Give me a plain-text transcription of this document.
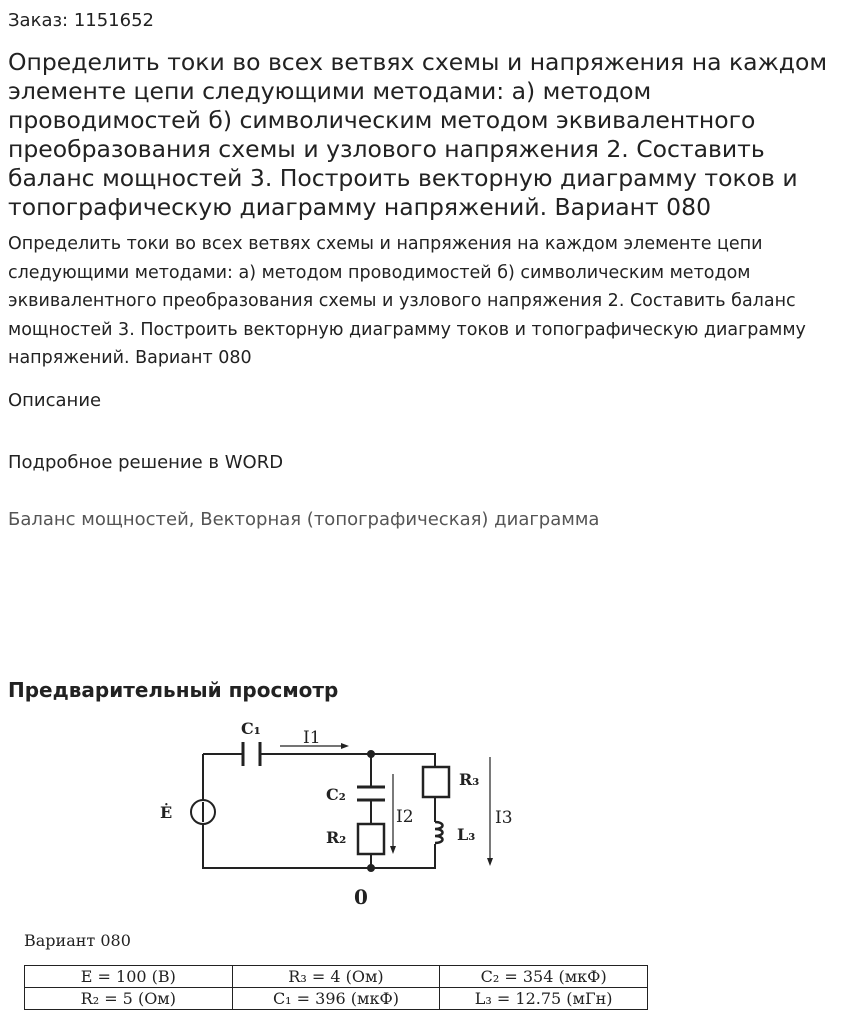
Заказ: 1151652
Определить токи во всех ветвях схемы и напряжения на каждом элементе цепи следующими методами: а) методом проводимостей б) символическим методом эквивалентного преобразования схемы и узлового напряжения 2. Составить баланс мощностей 3. Построить векторную диаграмму токов и топографическую диаграмму напряжений. Вариант 080
Определить токи во всех ветвях схемы и напряжения на каждом элементе цепи следующими методами: а) методом проводимостей б) символическим методом эквивалентного преобразования схемы и узлового напряжения 2. Составить баланс мощностей 3. Построить векторную диаграмму токов и топографическую диаграмму напряжений. Вариант 080
Описание
Подробное решение в WORD
Баланс мощностей, Векторная (топографическая) диаграмма
Предварительный просмотр
C₁
C₂
R₂
R₃
L₃
Ė
0
I1
I2	I3
Вариант 080
E = 100 (В)	R₃ = 4 (Ом)	C₂ = 354 (мкФ)
R₂ = 5 (Ом)	C₁ = 396 (мкФ)	L₃ = 12.75 (мГн)
